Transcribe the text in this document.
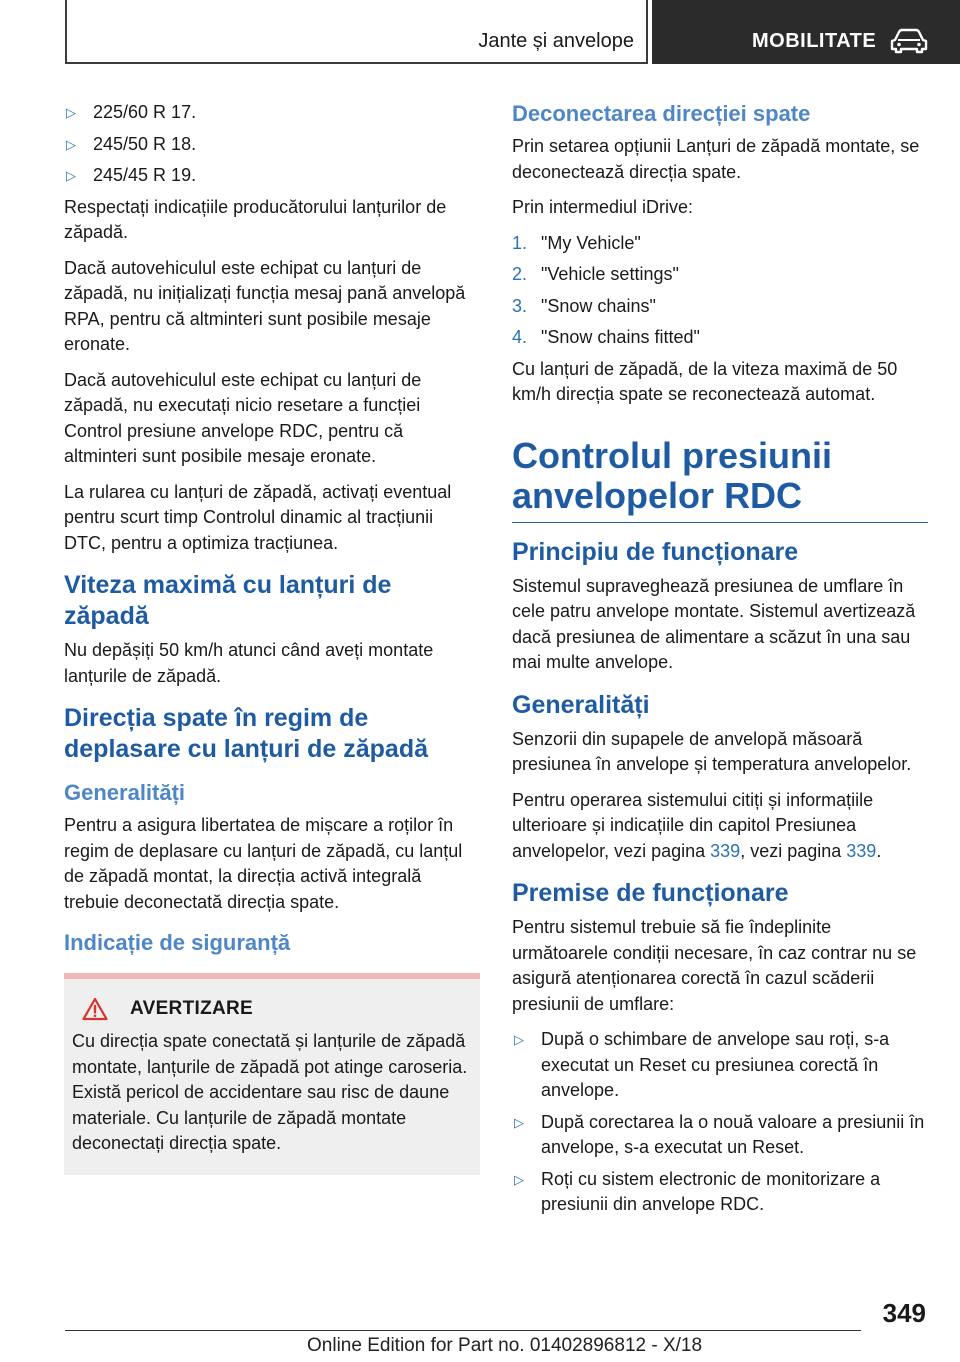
Jante și anvelope	MOBILITATE
▷ 225/60 R 17.
▷ 245/50 R 18.
▷ 245/45 R 19.

Respectați indicațiile producătorului lanțurilor de zăpadă.

Dacă autovehiculul este echipat cu lanțuri de zăpadă, nu inițializați funcția mesaj pană anvelopă RPA, pentru că altminteri sunt posibile mesaje eronate.

Dacă autovehiculul este echipat cu lanțuri de zăpadă, nu executați nicio resetare a funcției Control presiune anvelope RDC, pentru că altminteri sunt posibile mesaje eronate.

La rularea cu lanțuri de zăpadă, activați eventual pentru scurt timp Controlul dinamic al tracțiunii DTC, pentru a optimiza tracțiunea.

Viteza maximă cu lanțuri de zăpadă

Nu depășiți 50 km/h atunci când aveți montate lanțurile de zăpadă.

Direcția spate în regim de deplasare cu lanțuri de zăpadă
Generalități

Pentru a asigura libertatea de mișcare a roților în regim de deplasare cu lanțuri de zăpadă, cu lanțul de zăpadă montat, la direcția activă integrală trebuie deconectată direcția spate.

Indicație de siguranță
AVERTIZARE

Cu direcția spate conectată și lanțurile de zăpadă montate, lanțurile de zăpadă pot atinge caroseria. Există pericol de accidentare sau risc de daune materiale. Cu lanțurile de zăpadă montate deconectați direcția spate.

Deconectarea direcției spate

Prin setarea opțiunii Lanțuri de zăpadă montate, se deconectează direcția spate.

Prin intermediul iDrive:

1. "My Vehicle"
2. "Vehicle settings"
3. "Snow chains"
4. "Snow chains fitted"

Cu lanțuri de zăpadă, de la viteza maximă de 50 km/h direcția spate se reconectează automat.

Controlul presiunii anvelopelor RDC
Principiu de funcționare

Sistemul supraveghează presiunea de umflare în cele patru anvelope montate. Sistemul avertizează dacă presiunea de alimentare a scăzut în una sau mai multe anvelope.

Generalități

Senzorii din supapele de anvelopă măsoară presiunea în anvelope și temperatura anvelopelor.

Pentru operarea sistemului citiți și informațiile ulterioare și indicațiile din capitol Presiunea anvelopelor, vezi pagina 339, vezi pagina 339.

Premise de funcționare

Pentru sistemul trebuie să fie îndeplinite următoarele condiții necesare, în caz contrar nu se asigură atenționarea corectă în cazul scăderii presiunii de umflare:

▷ După o schimbare de anvelope sau roți, s-a executat un Reset cu presiunea corectă în anvelope.
▷ După corectarea la o nouă valoare a presiunii în anvelope, s-a executat un Reset.
▷ Roți cu sistem electronic de monitorizare a presiunii din anvelope RDC.
349
Online Edition for Part no. 01402896812 - X/18
